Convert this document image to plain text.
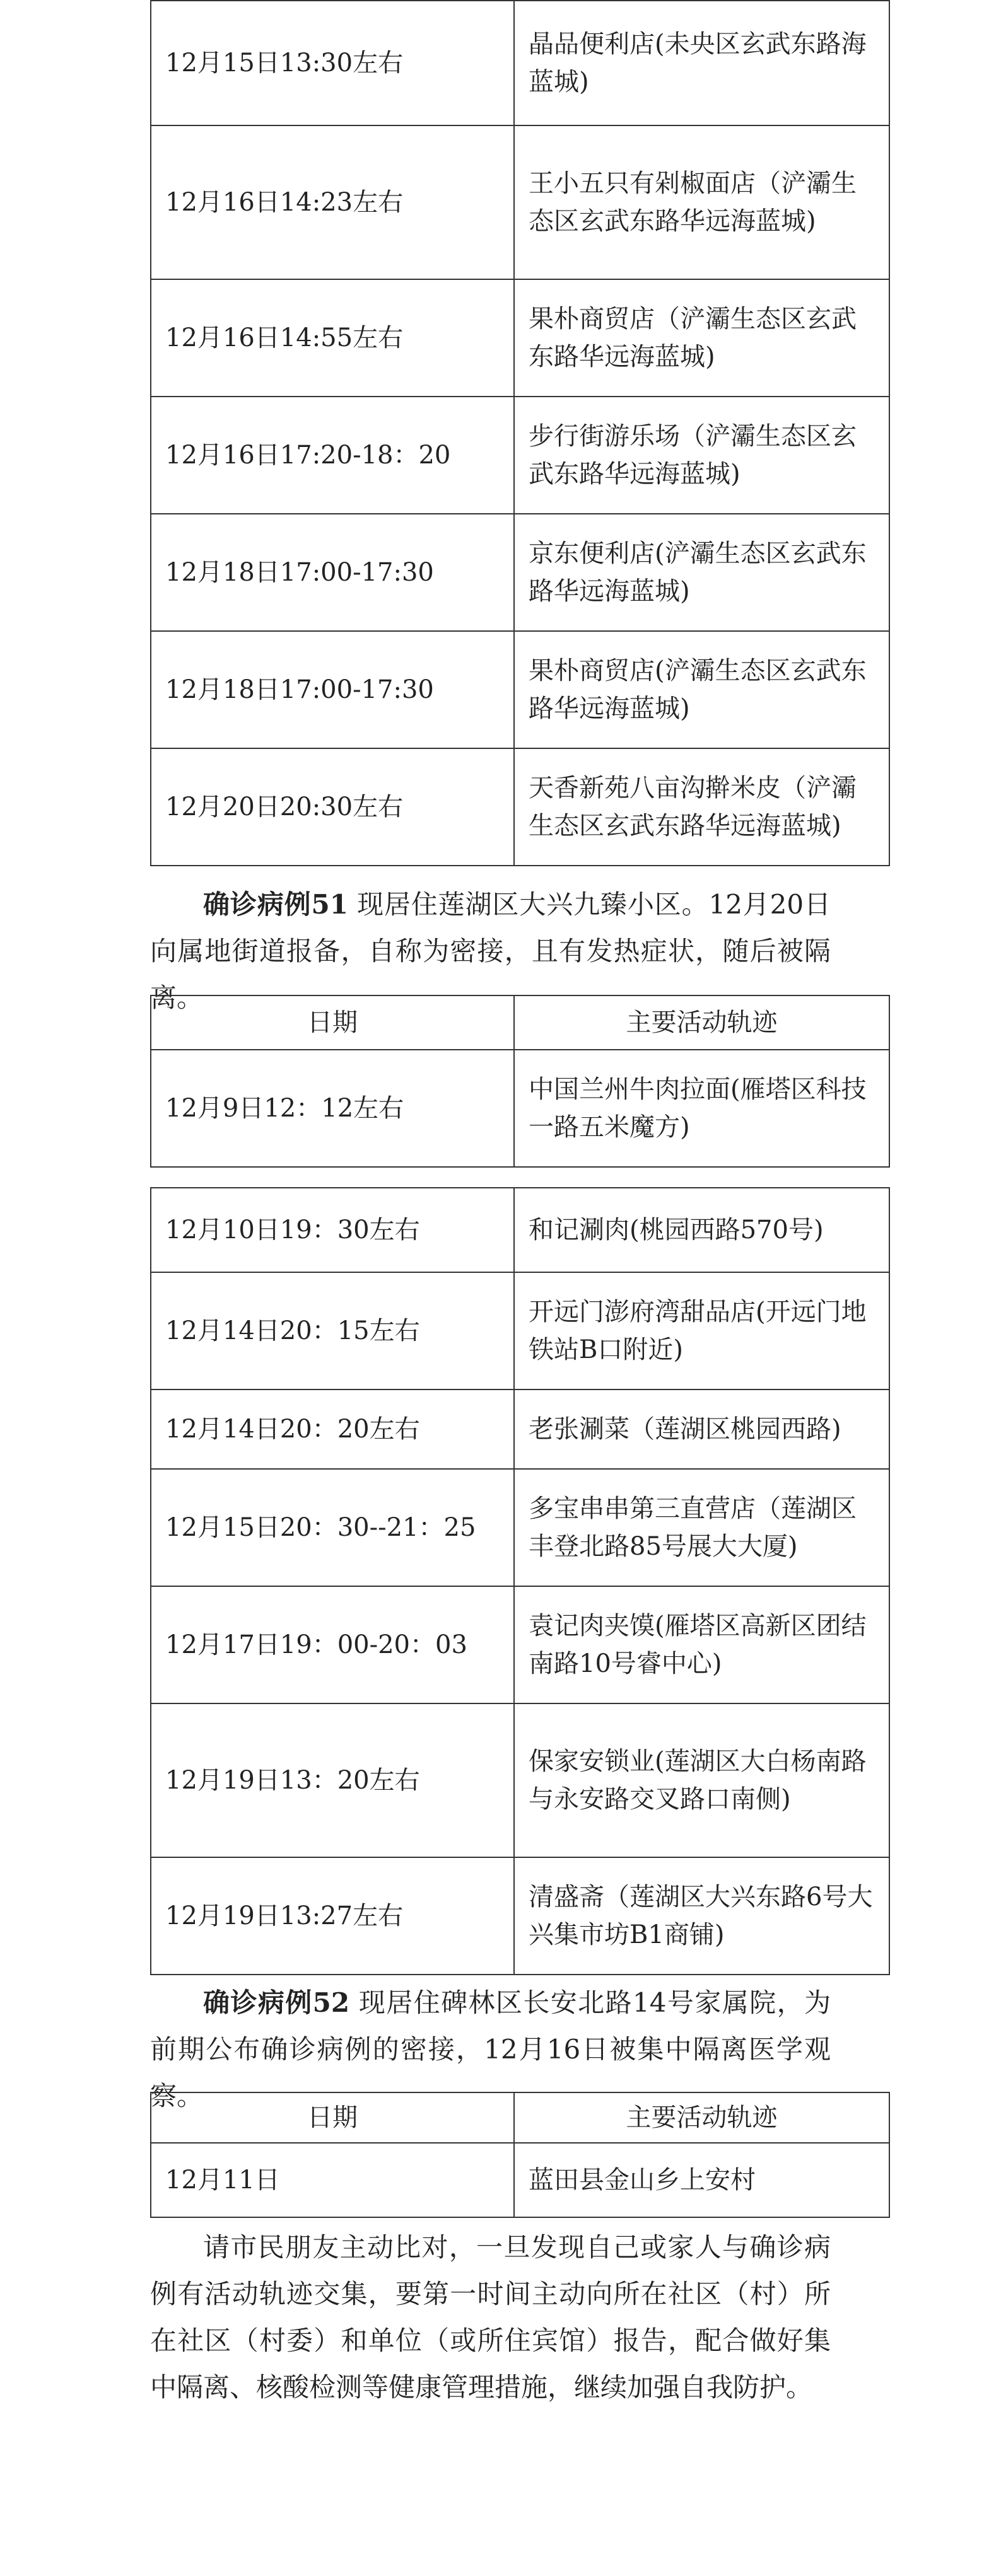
12月15日13:30左右	晶品便利店(未央区玄武东路海蓝城)
12月16日14:23左右	王小五只有剁椒面店（浐灞生态区玄武东路华远海蓝城)
12月16日14:55左右	果朴商贸店（浐灞生态区玄武东路华远海蓝城)
12月16日17:20-18：20	步行街游乐场（浐灞生态区玄武东路华远海蓝城)
12月18日17:00-17:30	京东便利店(浐灞生态区玄武东路华远海蓝城)
12月18日17:00-17:30	果朴商贸店(浐灞生态区玄武东路华远海蓝城)
12月20日20:30左右	天香新苑八亩沟擀米皮（浐灞生态区玄武东路华远海蓝城)

确诊病例51 现居住莲湖区大兴九臻小区。12月20日向属地街道报备，自称为密接，且有发热症状，随后被隔离。

日期	主要活动轨迹
12月9日12：12左右	中国兰州牛肉拉面(雁塔区科技一路五米魔方)
12月10日19：30左右	和记涮肉(桃园西路570号)
12月14日20：15左右	开远门澎府湾甜品店(开远门地铁站B口附近)
12月14日20：20左右	老张涮菜（莲湖区桃园西路)
12月15日20：30--21：25	多宝串串第三直营店（莲湖区丰登北路85号展大大厦)
12月17日19：00-20：03	袁记肉夹馍(雁塔区高新区团结南路10号睿中心)
12月19日13：20左右	保家安锁业(莲湖区大白杨南路与永安路交叉路口南侧)
12月19日13:27左右	清盛斋（莲湖区大兴东路6号大兴集市坊B1商铺)

确诊病例52 现居住碑林区长安北路14号家属院，为前期公布确诊病例的密接，12月16日被集中隔离医学观察。

日期	主要活动轨迹
12月11日	蓝田县金山乡上安村

请市民朋友主动比对，一旦发现自己或家人与确诊病例有活动轨迹交集，要第一时间主动向所在社区（村）所在社区（村委）和单位（或所住宾馆）报告，配合做好集中隔离、核酸检测等健康管理措施，继续加强自我防护。
